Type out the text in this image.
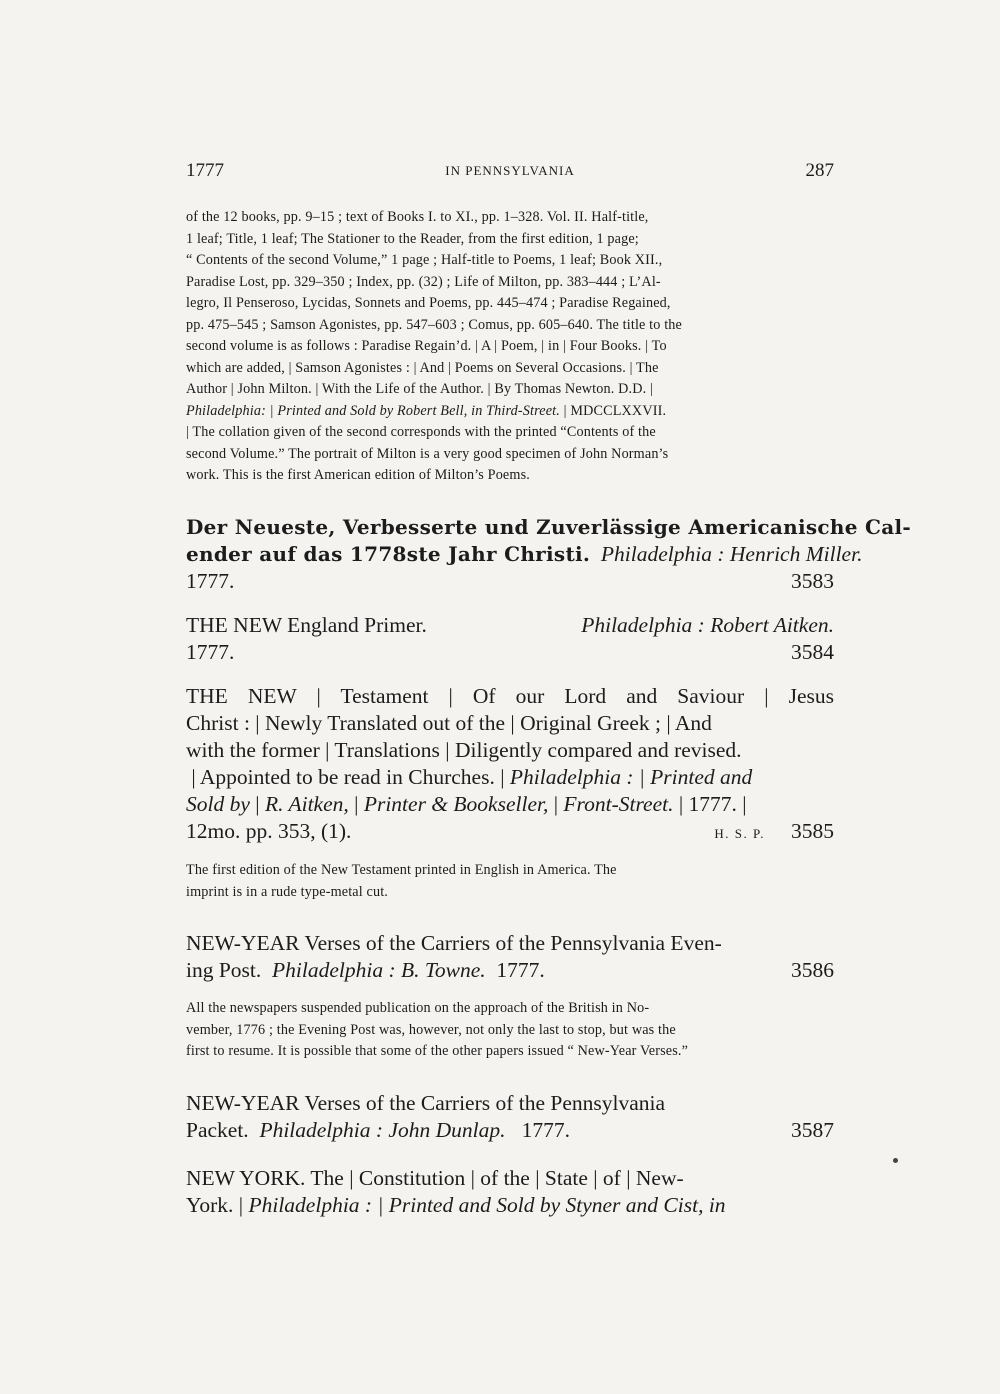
1777	IN PENNSYLVANIA	287
of the 12 books, pp. 9–15 ; text of Books I. to XI., pp. 1–328. Vol. II. Half-title,
1 leaf; Title, 1 leaf; The Stationer to the Reader, from the first edition, 1 page;
“ Contents of the second Volume,” 1 page ; Half-title to Poems, 1 leaf; Book XII.,
Paradise Lost, pp. 329–350 ; Index, pp. (32) ; Life of Milton, pp. 383–444 ; L’Al-
legro, Il Penseroso, Lycidas, Sonnets and Poems, pp. 445–474 ; Paradise Regained,
pp. 475–545 ; Samson Agonistes, pp. 547–603 ; Comus, pp. 605–640. The title to the
second volume is as follows : Paradise Regain’d. | A | Poem, | in | Four Books. | To
which are added, | Samson Agonistes : | And | Poems on Several Occasions. | The
Author | John Milton. | With the Life of the Author. | By Thomas Newton. D.D. |
Philadelphia: | Printed and Sold by Robert Bell, in Third-Street. | MDCCLXXVII.
| The collation given of the second corresponds with the printed “Contents of the
second Volume.” The portrait of Milton is a very good specimen of John Norman’s
work. This is the first American edition of Milton’s Poems.
Der Neueste, Verbesserte und Zuverlässige Americanische Cal-
ender auf das 1778ste Jahr Christi. Philadelphia : Henrich Miller.
1777.	3583
THE NEW England Primer.	Philadelphia : Robert Aitken.
1777.	3584
THE NEW | Testament | Of our Lord and Saviour | Jesus
Christ : | Newly Translated out of the | Original Greek ; | And
with the former | Translations | Diligently compared and revised.
| Appointed to be read in Churches. | Philadelphia : | Printed and
Sold by | R. Aitken, | Printer & Bookseller, | Front-Street. | 1777. |
12mo. pp. 353, (1).	H. S. P. 3585
The first edition of the New Testament printed in English in America. The
imprint is in a rude type-metal cut.
NEW-YEAR Verses of the Carriers of the Pennsylvania Even-
ing Post. Philadelphia : B. Towne. 1777.	3586
All the newspapers suspended publication on the approach of the British in No-
vember, 1776 ; the Evening Post was, however, not only the last to stop, but was the
first to resume. It is possible that some of the other papers issued “ New-Year Verses.”
NEW-YEAR Verses of the Carriers of the Pennsylvania
Packet. Philadelphia : John Dunlap. 1777.	3587
NEW YORK. The | Constitution | of the | State | of | New-
York. | Philadelphia : | Printed and Sold by Styner and Cist, in
